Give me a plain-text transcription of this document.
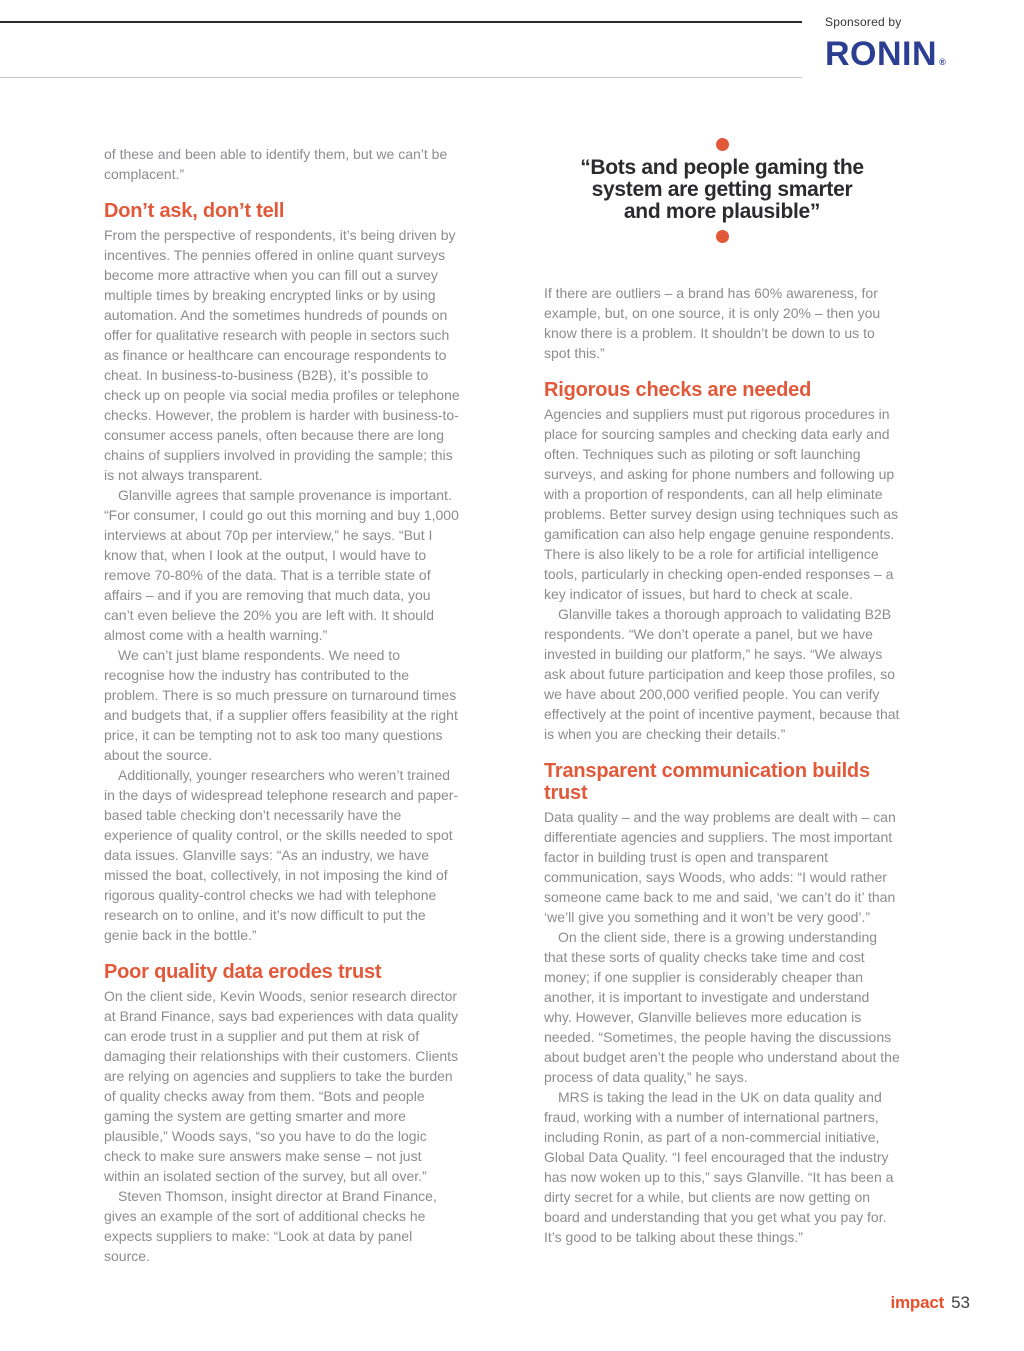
Sponsored by
RONIN ®

of these and been able to identify them, but we can’t be complacent.”

Don’t ask, don’t tell

From the perspective of respondents, it’s being driven by incentives. The pennies offered in online quant surveys become more attractive when you can fill out a survey multiple times by breaking encrypted links or by using automation. And the sometimes hundreds of pounds on offer for qualitative research with people in sectors such as finance or healthcare can encourage respondents to cheat. In business-to-business (B2B), it’s possible to check up on people via social media profiles or telephone checks. However, the problem is harder with business-to-consumer access panels, often because there are long chains of suppliers involved in providing the sample; this is not always transparent.

Glanville agrees that sample provenance is important. “For consumer, I could go out this morning and buy 1,000 interviews at about 70p per interview,” he says. “But I know that, when I look at the output, I would have to remove 70-80% of the data. That is a terrible state of affairs – and if you are removing that much data, you can’t even believe the 20% you are left with. It should almost come with a health warning.”

We can’t just blame respondents. We need to recognise how the industry has contributed to the problem. There is so much pressure on turnaround times and budgets that, if a supplier offers feasibility at the right price, it can be tempting not to ask too many questions about the source.

Additionally, younger researchers who weren’t trained in the days of widespread telephone research and paper-based table checking don’t necessarily have the experience of quality control, or the skills needed to spot data issues. Glanville says: “As an industry, we have missed the boat, collectively, in not imposing the kind of rigorous quality-control checks we had with telephone research on to online, and it’s now difficult to put the genie back in the bottle.”

Poor quality data erodes trust

On the client side, Kevin Woods, senior research director at Brand Finance, says bad experiences with data quality can erode trust in a supplier and put them at risk of damaging their relationships with their customers. Clients are relying on agencies and suppliers to take the burden of quality checks away from them. “Bots and people gaming the system are getting smarter and more plausible,” Woods says, “so you have to do the logic check to make sure answers make sense – not just within an isolated section of the survey, but all over.”

Steven Thomson, insight director at Brand Finance, gives an example of the sort of additional checks he expects suppliers to make: “Look at data by panel source.

“Bots and people gaming the
system are getting smarter
and more plausible”

If there are outliers – a brand has 60% awareness, for example, but, on one source, it is only 20% – then you know there is a problem. It shouldn’t be down to us to spot this.”

Rigorous checks are needed

Agencies and suppliers must put rigorous procedures in place for sourcing samples and checking data early and often. Techniques such as piloting or soft launching surveys, and asking for phone numbers and following up with a proportion of respondents, can all help eliminate problems. Better survey design using techniques such as gamification can also help engage genuine respondents. There is also likely to be a role for artificial intelligence tools, particularly in checking open-ended responses – a key indicator of issues, but hard to check at scale.

Glanville takes a thorough approach to validating B2B respondents. “We don’t operate a panel, but we have invested in building our platform,” he says. “We always ask about future participation and keep those profiles, so we have about 200,000 verified people. You can verify effectively at the point of incentive payment, because that is when you are checking their details.”

Transparent communication builds trust

Data quality – and the way problems are dealt with – can differentiate agencies and suppliers. The most important factor in building trust is open and transparent communication, says Woods, who adds: “I would rather someone came back to me and said, ‘we can’t do it’ than ‘we’ll give you something and it won’t be very good’.”

On the client side, there is a growing understanding that these sorts of quality checks take time and cost money; if one supplier is considerably cheaper than another, it is important to investigate and understand why. However, Glanville believes more education is needed. “Sometimes, the people having the discussions about budget aren’t the people who understand about the process of data quality,” he says.

MRS is taking the lead in the UK on data quality and fraud, working with a number of international partners, including Ronin, as part of a non-commercial initiative, Global Data Quality. “I feel encouraged that the industry has now woken up to this,” says Glanville. “It has been a dirty secret for a while, but clients are now getting on board and understanding that you get what you pay for. It’s good to be talking about these things.”

impact 53
